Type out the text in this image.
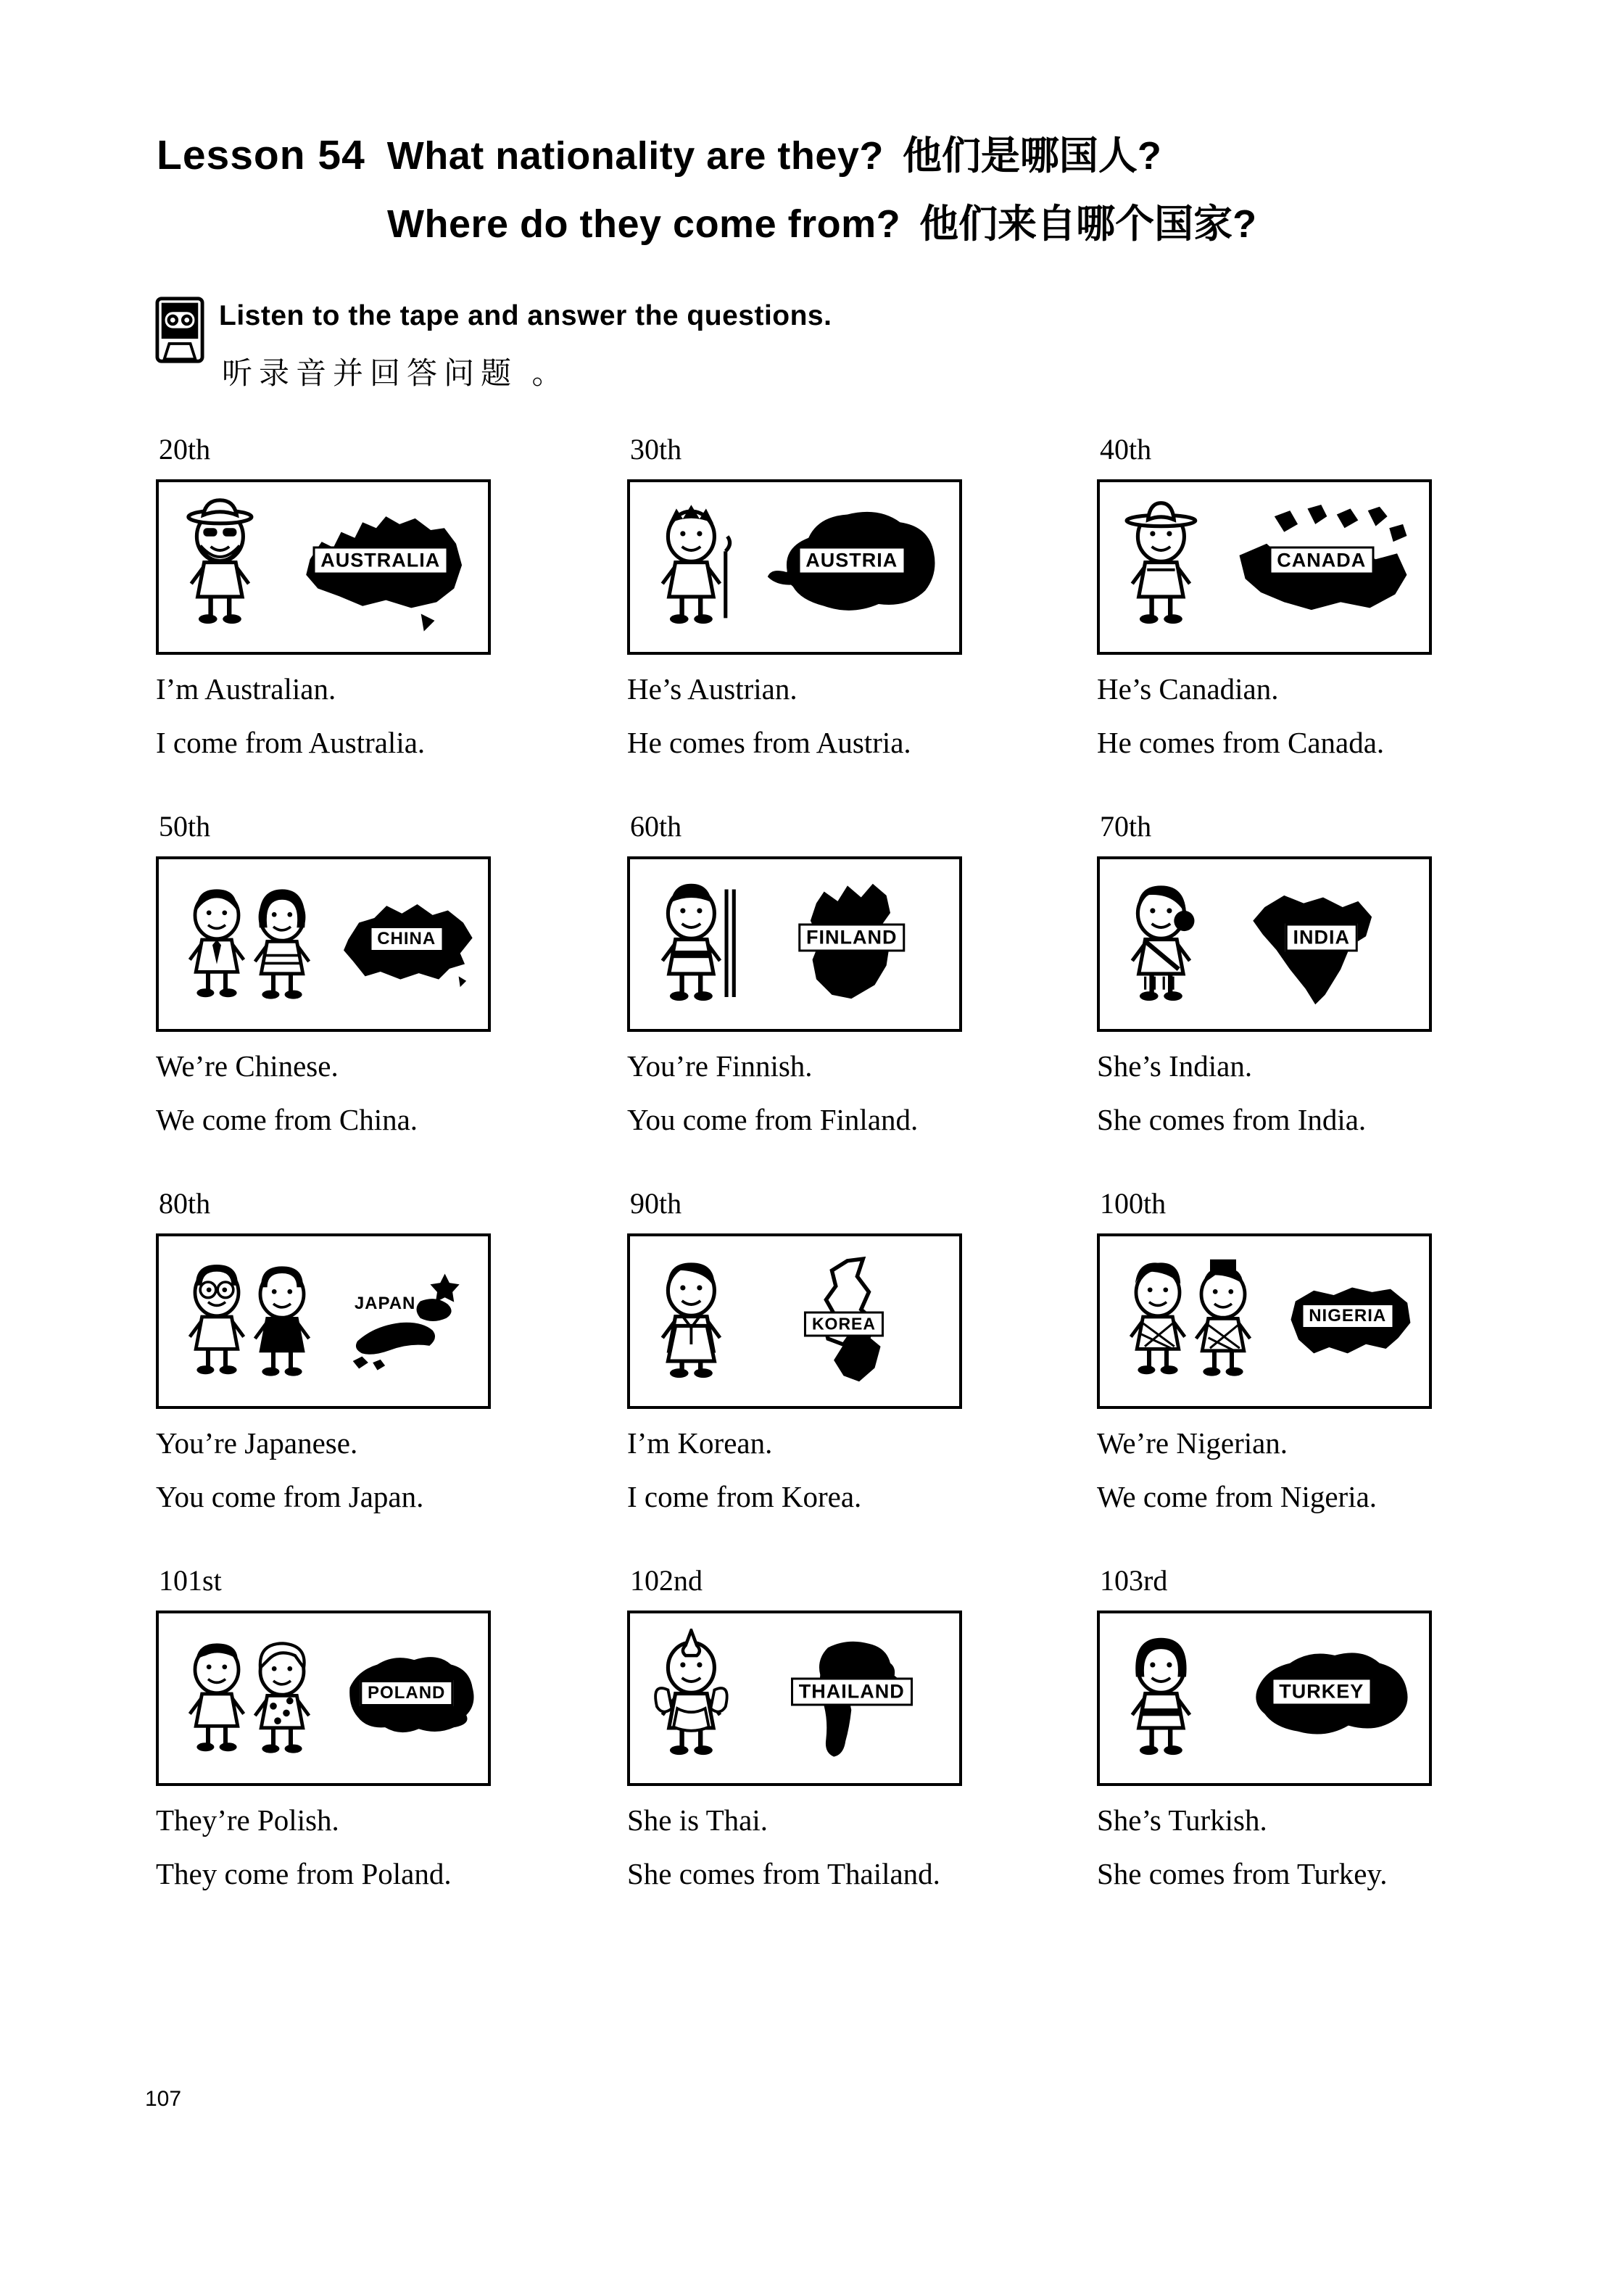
Lesson 54 What nationality are they? 他们是哪国人?
Where do they come from? 他们来自哪个国家?
Listen to the tape and answer the questions.
听录音并回答问题 。
20th
AUSTRALIA
I’m Australian.
I come from Australia.
30th
AUSTRIA
He’s Austrian.
He comes from Austria.
40th
CANADA
He’s Canadian.
He comes from Canada.
50th
CHINA
We’re Chinese.
We come from China.
60th
FINLAND
You’re Finnish.
You come from Finland.
70th
INDIA
She’s Indian.
She comes from India.
80th
JAPAN
You’re Japanese.
You come from Japan.
90th
KOREA
I’m Korean.
I come from Korea.
100th
NIGERIA
We’re Nigerian.
We come from Nigeria.
101st
POLAND
They’re Polish.
They come from Poland.
102nd
THAILAND
She is Thai.
She comes from Thailand.
103rd
TURKEY
She’s Turkish.
She comes from Turkey.
107
